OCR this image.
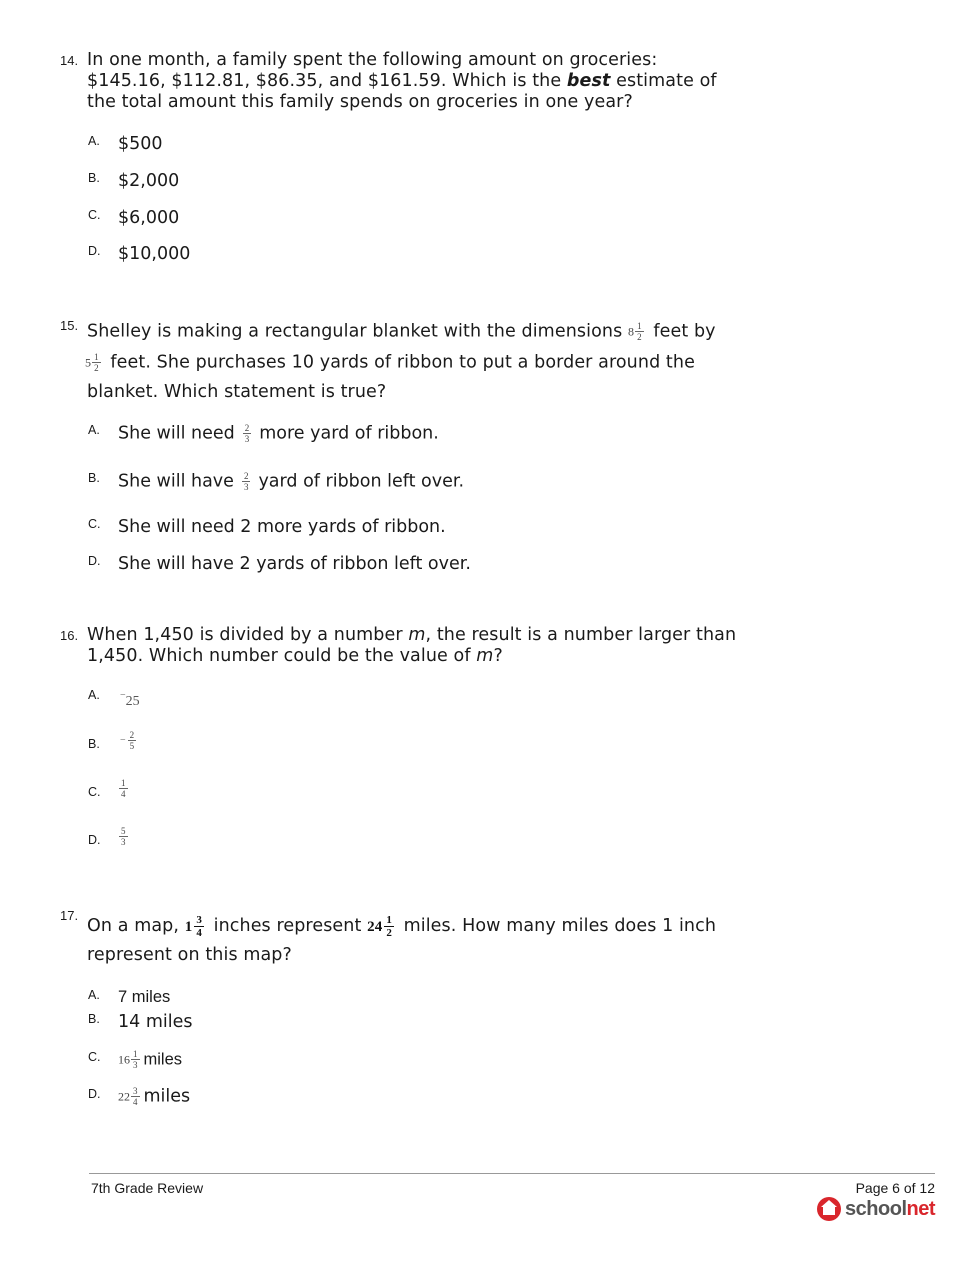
14. In one month, a family spent the following amount on groceries:
$145.16, $112.81, $86.35, and $161.59. Which is the best estimate of
the total amount this family spends on groceries in one year?
A. $500
B. $2,000
C. $6,000
D. $10,000
15. Shelley is making a rectangular blanket with the dimensions $8 \frac{1}{2}$ feet by
$5 \frac{1}{2}$ feet. She purchases 10 yards of ribbon to put a border around the
blanket. Which statement is true?
A. She will need $\frac{2}{3}$ more yard of ribbon.
B. She will have $\frac{2}{3}$ yard of ribbon left over.
C. She will need 2 more yards of ribbon.
D. She will have 2 yards of ribbon left over.
16. When 1,450 is divided by a number m, the result is a number larger than
1,450. Which number could be the value of m?
A. −25
B. − $\frac{2}{5}$
C. $\frac{1}{4}$
D. $\frac{5}{3}$
17.
On a map, $1 \frac{3}{4}$ inches represent $24 \frac{1}{2}$ miles. How many miles does 1 inch
represent on this map?
A. 7 miles
B. 14 miles
C. $16 \frac{1}{3}$ miles
D. $22 \frac{3}{4}$ miles
7th Grade Review	Page 6 of 12
schoolnet
